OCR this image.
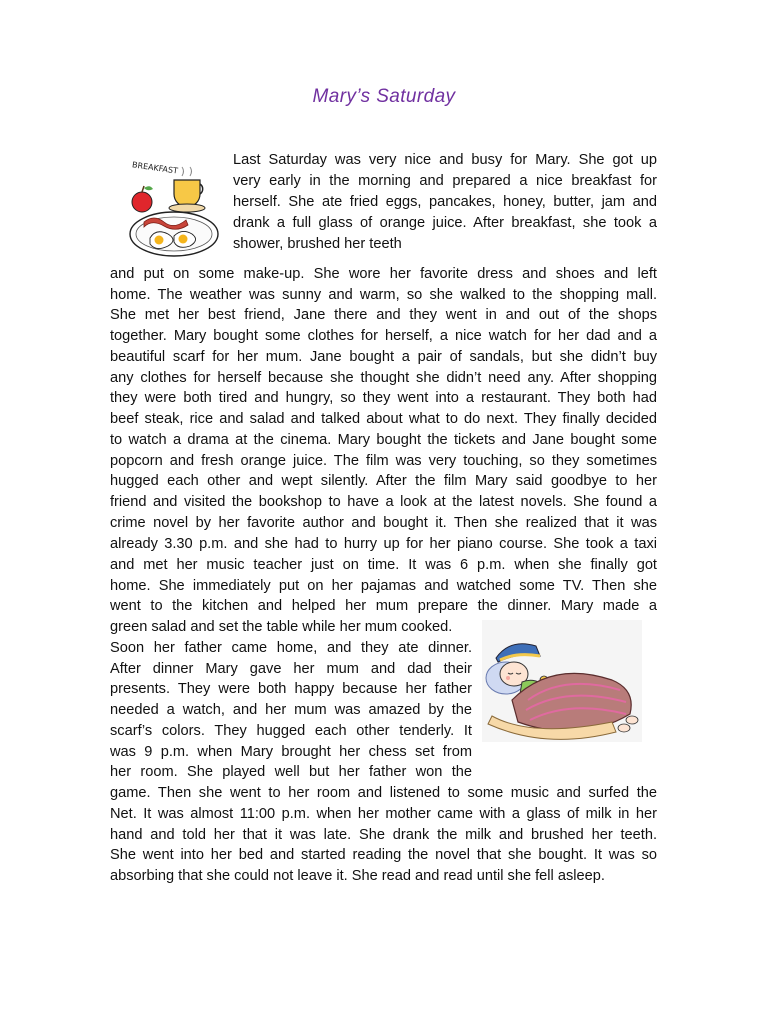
Mary’s Saturday
BREAKFAST	Last Saturday was very nice and busy for Mary. She got up
very early in the morning and prepared a nice breakfast for
herself. She ate fried eggs, pancakes, honey, butter, jam and
drank a full glass of orange juice. After breakfast, she took a
shower, brushed her teeth
and put on some make-up. She wore her favorite dress and shoes and left
home. The weather was sunny and warm, so she walked to the shopping mall.
She met her best friend, Jane there and they went in and out of the shops
together. Mary bought some clothes for herself, a nice watch for her dad and a
beautiful scarf for her mum. Jane bought a pair of sandals, but she didn’t buy
any clothes for herself because she thought she didn’t need any. After shopping
they were both tired and hungry, so they went into a restaurant. They both had
beef steak, rice and salad and talked about what to do next. They finally decided
to watch a drama at the cinema. Mary bought the tickets and Jane bought some
popcorn and fresh orange juice. The film was very touching, so they sometimes
hugged each other and wept silently. After the film Mary said goodbye to her
friend and visited the bookshop to have a look at the latest novels. She found a
crime novel by her favorite author and bought it. Then she realized that it was
already 3.30 p.m. and she had to hurry up for her piano course. She took a taxi
and met her music teacher just on time. It was 6 p.m. when she finally got
home. She immediately put on her pajamas and watched some TV. Then she
went to the kitchen and helped her mum prepare the dinner. Mary made a
green salad and set the table while her mum cooked.
Soon her father came home, and they ate dinner.
After dinner Mary gave her mum and dad their
presents. They were both happy because her father
needed a watch, and her mum was amazed by the
scarf’s colors. They hugged each other tenderly. It
was 9 p.m. when Mary brought her chess set from
her room. She played well but her father won the
game. Then she went to her room and listened to some music and surfed the
Net. It was almost 11:00 p.m. when her mother came with a glass of milk in her
hand and told her that it was late. She drank the milk and brushed her teeth.
She went into her bed and started reading the novel that she bought. It was so
absorbing that she could not leave it. She read and read until she fell asleep.
